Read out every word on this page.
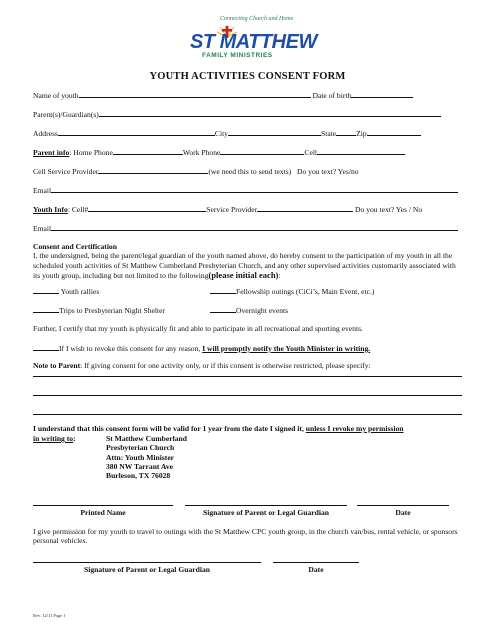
Connecting Church and Home
ST MATTHEW
FAMILY MINISTRIES
YOUTH ACTIVITIES CONSENT FORM
Name of youth	Date of birth
Parent(s)/Guardian(s)
Address	City	State	Zip
Parent info: Home Phone	Work Phone	Cell
Cell Service Provider	(we need this to send texts) Do you text? Yes/no
Email
Youth Info: Cell#	Service Provider	Do you text? Yes / No
Email
Consent and Certification
I, the undersigned, being the parent/legal guardian of the youth named above, do hereby consent to the participation of my youth in all the scheduled youth activities of St Matthew Cumberland Presbyterian Church, and any other supervised activities customarily associated with its youth group, including but not limited to the following(please initial each):
Youth rallies	Fellowship outings (CiCi’s, Main Event, etc.)
Trips to Presbyterian Night Shelter	Overnight events
Further, I certify that my youth is physically fit and able to participate in all recreational and sporting events.
If I wish to revoke this consent for any reason, I will promptly notify the Youth Minister in writing.
Note to Parent: If giving consent for one activity only, or if this consent is otherwise restricted, please specify:
I understand that this consent form will be valid for 1 year from the date I signed it, unless I revoke my permission
in writing to:	St Matthew Cumberland
Presbyterian Church
Attn: Youth Minister
380 NW Tarrant Ave
Burleson, TX 76028
Printed Name	Signature of Parent or Legal Guardian	Date
I give permission for my youth to travel to outings with the St Matthew CPC youth group, in the church van/bus, rental vehicle, or sponsors personal vehicles.
Signature of Parent or Legal Guardian	Date
Rev. 12/11 Page 1
